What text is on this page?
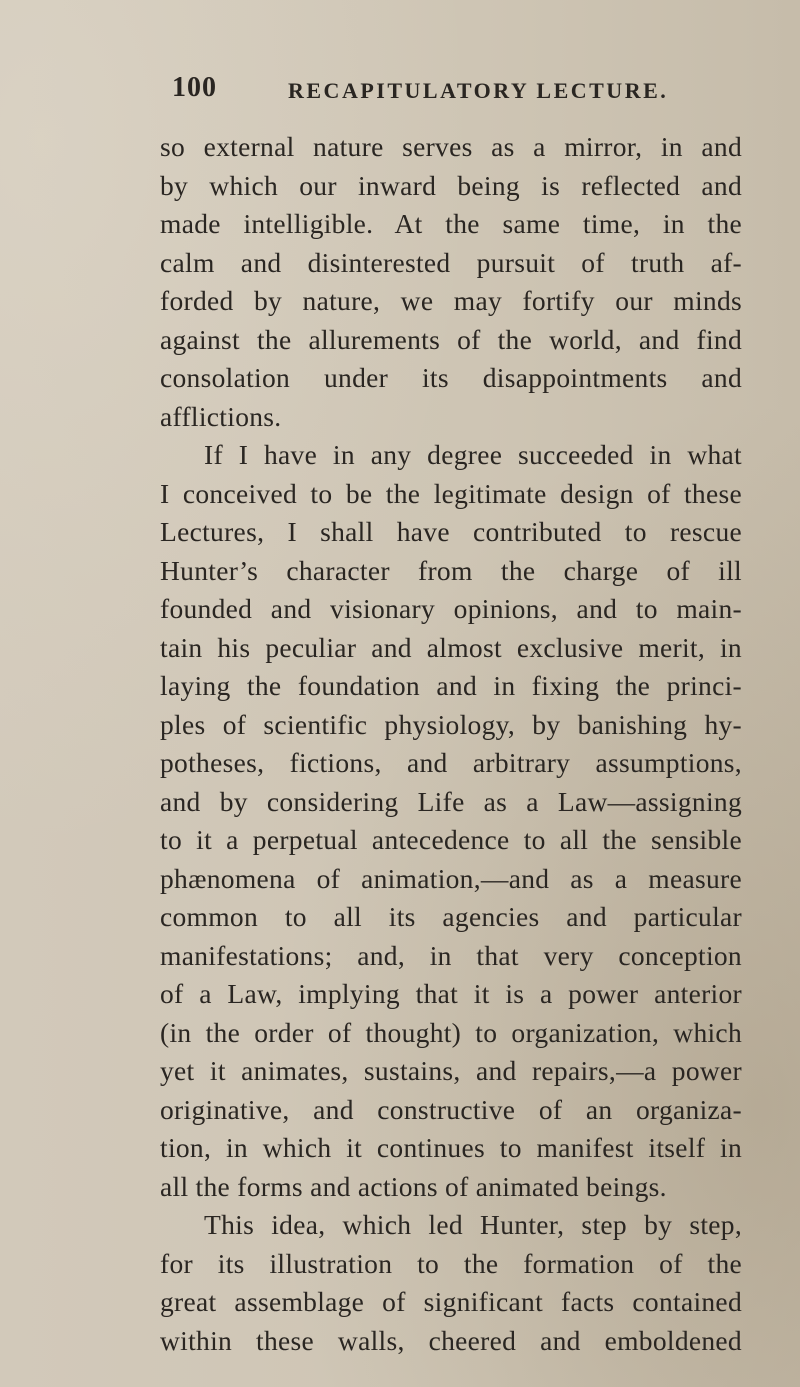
100	RECAPITULATORY LECTURE.
so external nature serves as a mirror, in and
by which our inward being is reflected and
made intelligible. At the same time, in the
calm and disinterested pursuit of truth af-
forded by nature, we may fortify our minds
against the allurements of the world, and find
consolation under its disappointments and
afflictions.
If I have in any degree succeeded in what
I conceived to be the legitimate design of these
Lectures, I shall have contributed to rescue
Hunter’s character from the charge of ill
founded and visionary opinions, and to main-
tain his peculiar and almost exclusive merit, in
laying the foundation and in fixing the princi-
ples of scientific physiology, by banishing hy-
potheses, fictions, and arbitrary assumptions,
and by considering Life as a Law—assigning
to it a perpetual antecedence to all the sensible
phænomena of animation,—and as a measure
common to all its agencies and particular
manifestations; and, in that very conception
of a Law, implying that it is a power anterior
(in the order of thought) to organization, which
yet it animates, sustains, and repairs,—a power
originative, and constructive of an organiza-
tion, in which it continues to manifest itself in
all the forms and actions of animated beings.
This idea, which led Hunter, step by step,
for its illustration to the formation of the
great assemblage of significant facts contained
within these walls, cheered and emboldened
